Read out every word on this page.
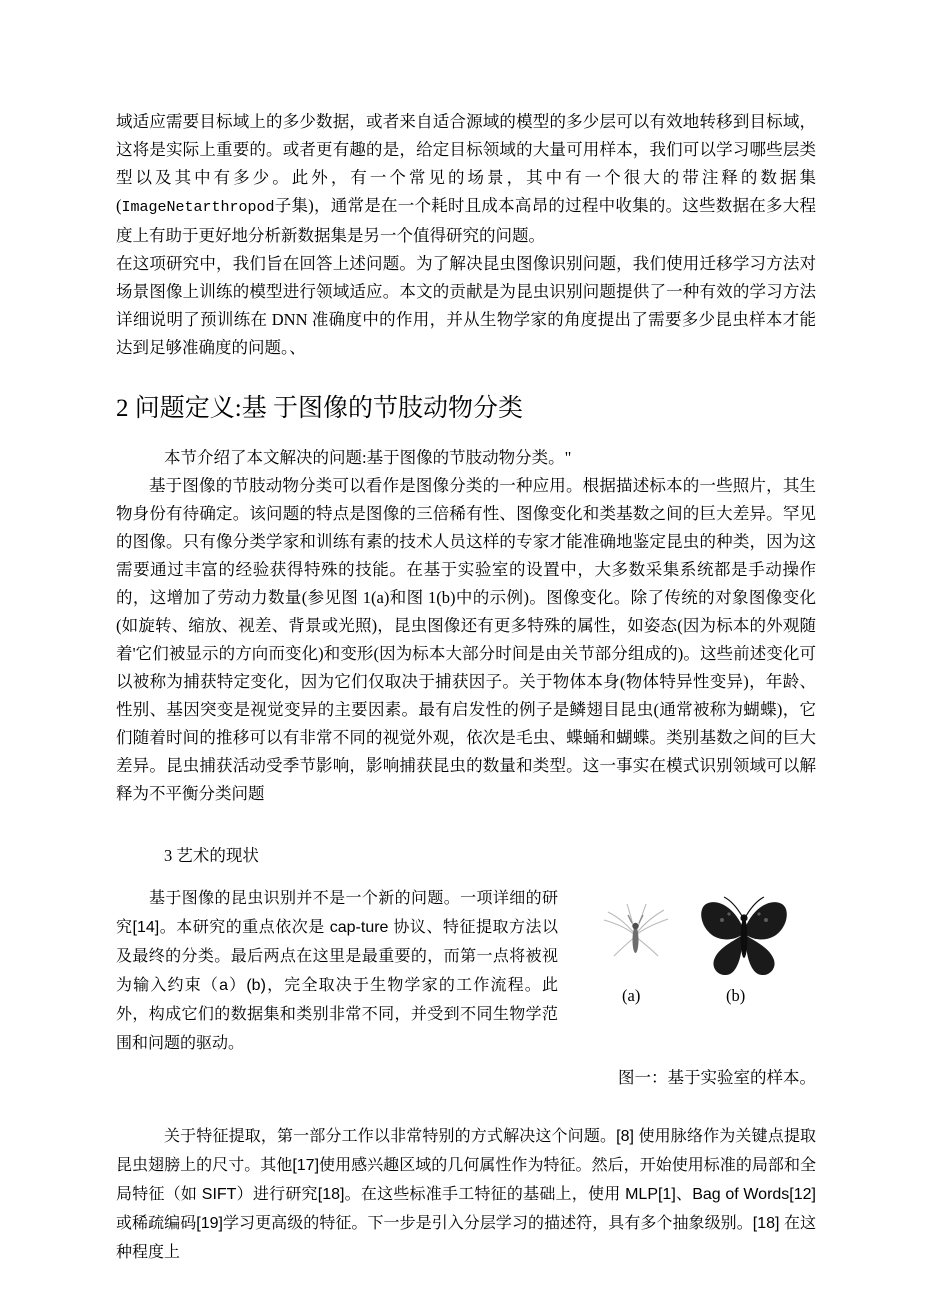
域适应需要目标域上的多少数据，或者来自适合源域的模型的多少层可以有效地转移到目标域，这将是实际上重要的。或者更有趣的是，给定目标领域的大量可用样本，我们可以学习哪些层类型以及其中有多少。此外，有一个常见的场景，其中有一个很大的带注释的数据集(ImageNetarthropod子集)，通常是在一个耗时且成本高昂的过程中收集的。这些数据在多大程度上有助于更好地分析新数据集是另一个值得研究的问题。

在这项研究中，我们旨在回答上述问题。为了解决昆虫图像识别问题，我们使用迁移学习方法对场景图像上训练的模型进行领域适应。本文的贡献是为昆虫识别问题提供了一种有效的学习方法详细说明了预训练在 DNN 准确度中的作用，并从生物学家的角度提出了需要多少昆虫样本才能达到足够准确度的问题。、

2 问题定义:基 于图像的节肢动物分类

本节介绍了本文解决的问题:基于图像的节肢动物分类。"

基于图像的节肢动物分类可以看作是图像分类的一种应用。根据描述标本的一些照片，其生物身份有待确定。该问题的特点是图像的三倍稀有性、图像变化和类基数之间的巨大差异。罕见的图像。只有像分类学家和训练有素的技术人员这样的专家才能准确地鉴定昆虫的种类，因为这需要通过丰富的经验获得特殊的技能。在基于实验室的设置中，大多数采集系统都是手动操作的，这增加了劳动力数量(参见图 1(a)和图 1(b)中的示例)。图像变化。除了传统的对象图像变化(如旋转、缩放、视差、背景或光照)，昆虫图像还有更多特殊的属性，如姿态(因为标本的外观随着'它们被显示的方向而变化)和变形(因为标本大部分时间是由关节部分组成的)。这些前述变化可以被称为捕获特定变化，因为它们仅取决于捕获因子。关于物体本身(物体特异性变异)，年龄、性别、基因突变是视觉变异的主要因素。最有启发性的例子是鳞翅目昆虫(通常被称为蝴蝶)，它们随着时间的推移可以有非常不同的视觉外观，依次是毛虫、蝶蛹和蝴蝶。类别基数之间的巨大差异。昆虫捕获活动受季节影响，影响捕获昆虫的数量和类型。这一事实在模式识别领域可以解释为不平衡分类问题

3 艺术的现状

(a)	(b)

图一：基于实验室的样本。

基于图像的昆虫识别并不是一个新的问题。一项详细的研究[14]。本研究的重点依次是 cap-ture 协议、特征提取方法以及最终的分类。最后两点在这里是最重要的，而第一点将被视为输入约束（a）(b)，完全取决于生物学家的工作流程。此外，构成它们的数据集和类别非常不同，并受到不同生物学范围和问题的驱动。

关于特征提取，第一部分工作以非常特别的方式解决这个问题。[8] 使用脉络作为关键点提取昆虫翅膀上的尺寸。其他[17]使用感兴趣区域的几何属性作为特征。然后，开始使用标准的局部和全局特征（如 SIFT）进行研究[18]。在这些标准手工特征的基础上，使用 MLP[1]、Bag of Words[12]或稀疏编码[19]学习更高级的特征。下一步是引入分层学习的描述符，具有多个抽象级别。[18] 在这种程度上
